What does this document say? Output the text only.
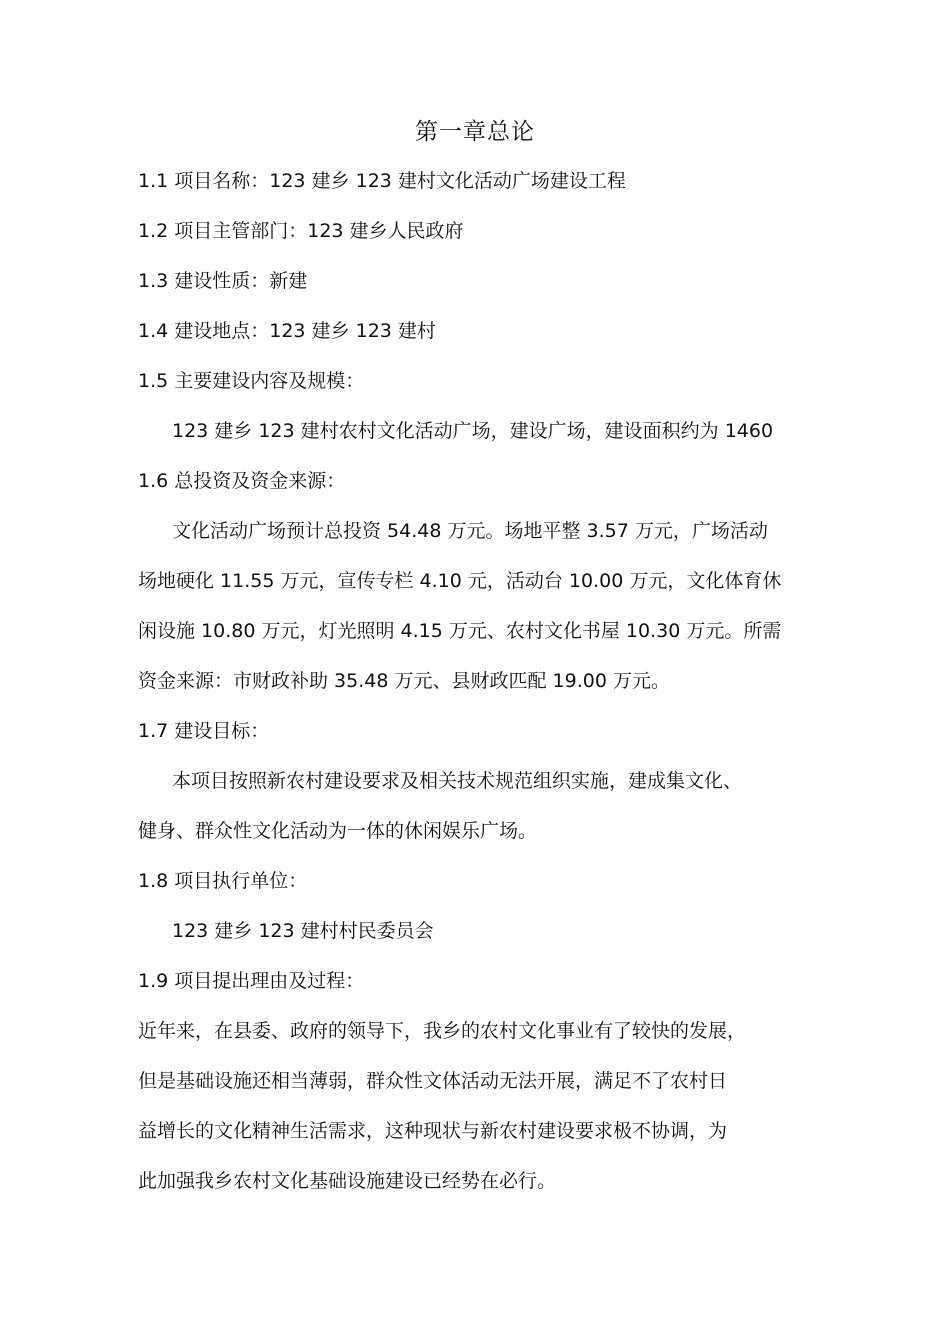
第一章总论
1.1 项目名称：123 建乡 123 建村文化活动广场建设工程
1.2 项目主管部门：123 建乡人民政府
1.3 建设性质：新建
1.4 建设地点：123 建乡 123 建村
1.5 主要建设内容及规模：
123 建乡 123 建村农村文化活动广场，建设广场，建设面积约为 1460
1.6 总投资及资金来源：
文化活动广场预计总投资 54.48 万元。场地平整 3.57 万元，广场活动
场地硬化 11.55 万元，宣传专栏 4.10 元，活动台 10.00 万元，文化体育休
闲设施 10.80 万元，灯光照明 4.15 万元、农村文化书屋 10.30 万元。所需
资金来源：市财政补助 35.48 万元、县财政匹配 19.00 万元。
1.7 建设目标：
本项目按照新农村建设要求及相关技术规范组织实施，建成集文化、
健身、群众性文化活动为一体的休闲娱乐广场。
1.8 项目执行单位：
123 建乡 123 建村村民委员会
1.9 项目提出理由及过程：
近年来，在县委、政府的领导下，我乡的农村文化事业有了较快的发展，
但是基础设施还相当薄弱，群众性文体活动无法开展，满足不了农村日
益增长的文化精神生活需求，这种现状与新农村建设要求极不协调，为
此加强我乡农村文化基础设施建设已经势在必行。
